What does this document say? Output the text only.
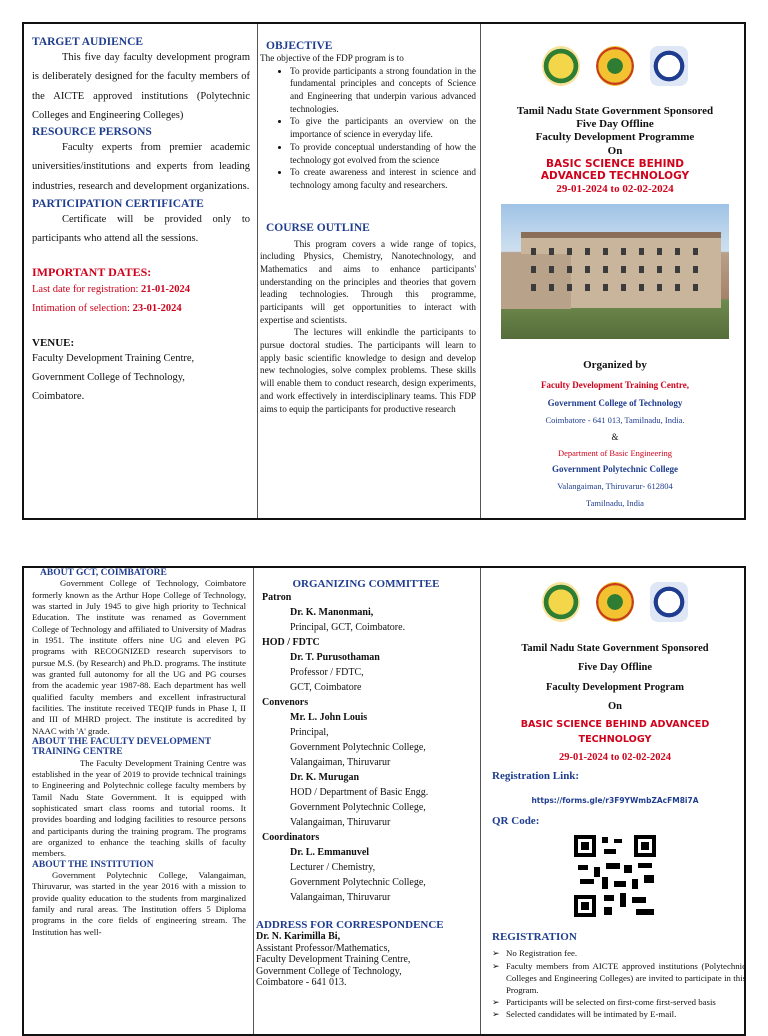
TARGET AUDIENCE

This five day faculty development program is deliberately designed for the faculty members of the AICTE approved institutions (Polytechnic Colleges and Engineering Colleges)

RESOURCE PERSONS

Faculty experts from premier academic universities/institutions and experts from leading industries, research and development organizations.

PARTICIPATION CERTIFICATE

Certificate will be provided only to participants who attend all the sessions.

IMPORTANT DATES:
Last date for registration: 21-01-2024
Intimation of selection: 23-01-2024
VENUE:
Faculty Development Training Centre,
Government College of Technology,
Coimbatore.
OBJECTIVE
The objective of the FDP program is to
• To provide participants a strong foundation in the fundamental principles and concepts of Science and Engineering that underpin various advanced technologies.
• To give the participants an overview on the importance of science in everyday life.
• To provide conceptual understanding of how the technology got evolved from the science
• To create awareness and interest in science and technology among faculty and researchers.
COURSE OUTLINE

This program covers a wide range of topics, including Physics, Chemistry, Nanotechnology, and Mathematics and aims to enhance participants' understanding on the principles and theories that govern leading technologies. Through this programme, participants will get opportunities to interact with expertise and scientists.

The lectures will enkindle the participants to pursue doctoral studies. The participants will learn to apply basic scientific knowledge to design and develop new technologies, solve complex problems. These skills will enable them to conduct research, design experiments, and work effectively in interdisciplinary teams. This FDP aims to equip the participants for productive research

Tamil Nadu State Government Sponsored
Five Day Offline
Faculty Development Programme
On
BASIC SCIENCE BEHIND
ADVANCED TECHNOLOGY
29-01-2024 to 02-02-2024
Organized by
Faculty Development Training Centre,
Government College of Technology
Coimbatore - 641 013, Tamilnadu, India.
&
Department of Basic Engineering
Government Polytechnic College
Valangaiman, Thiruvarur- 612804
Tamilnadu, India
ABOUT GCT, COIMBATORE

Government College of Technology, Coimbatore formerly known as the Arthur Hope College of Technology, was started in July 1945 to give high priority to Technical Education. The institute was renamed as Government College of Technology and affiliated to University of Madras in 1951. The institute offers nine UG and eleven PG programs with RECOGNIZED research supervisors to pursue M.S. (by Research) and Ph.D. programs. The institute was granted full autonomy for all the UG and PG courses from the academic year 1987-88. Each department has well qualified faculty members and excellent infrastructural facilities. The institute received TEQIP funds in Phase I, II and III of MHRD project. The institute is accredited by NAAC with 'A' grade.

ABOUT THE FACULTY DEVELOPMENT
TRAINING CENTRE

The Faculty Development Training Centre was established in the year of 2019 to provide technical trainings to Engineering and Polytechnic college faculty members by Tamil Nadu State Government. It is equipped with sophisticated smart class rooms and tutorial rooms. It provides boarding and lodging facilities to resource persons and participants during the training program. The programs are organized to enhance the teaching skills of faculty members.

ABOUT THE INSTITUTION

Government Polytechnic College, Valangaiman, Thiruvarur, was started in the year 2016 with a mission to provide quality education to the students from marginalized family and rural areas. The Institution offers 5 Diploma programs in the core fields of engineering stream. The Institution has well-

ORGANIZING COMMITTEE
Patron
Dr. K. Manonmani,
Principal, GCT, Coimbatore.
HOD / FDTC
Dr. T. Purusothaman
Professor / FDTC,
GCT, Coimbatore
Convenors
Mr. L. John Louis
Principal,
Government Polytechnic College,
Valangaiman, Thiruvarur
Dr. K. Murugan
HOD / Department of Basic Engg.
Government Polytechnic College,
Valangaiman, Thiruvarur
Coordinators
Dr. L. Emmanuvel
Lecturer / Chemistry,
Government Polytechnic College,
Valangaiman, Thiruvarur
ADDRESS FOR CORRESPONDENCE
Dr. N. Karimilla Bi,
Assistant Professor/Mathematics,
Faculty Development Training Centre,
Government College of Technology,
Coimbatore - 641 013.

Tamil Nadu State Government Sponsored
Five Day Offline
Faculty Development Program
On
BASIC SCIENCE BEHIND ADVANCED TECHNOLOGY
29-01-2024 to 02-02-2024
Registration Link:
https://forms.gle/r3F9YWmbZAcFM8i7A
QR Code:
REGISTRATION
➢ No Registration fee.
➢ Faculty members from AICTE approved institutions (Polytechnic Colleges and Engineering Colleges) are invited to participate in this Program.
➢ Participants will be selected on first-come first-served basis
➢ Selected candidates will be intimated by E-mail.
